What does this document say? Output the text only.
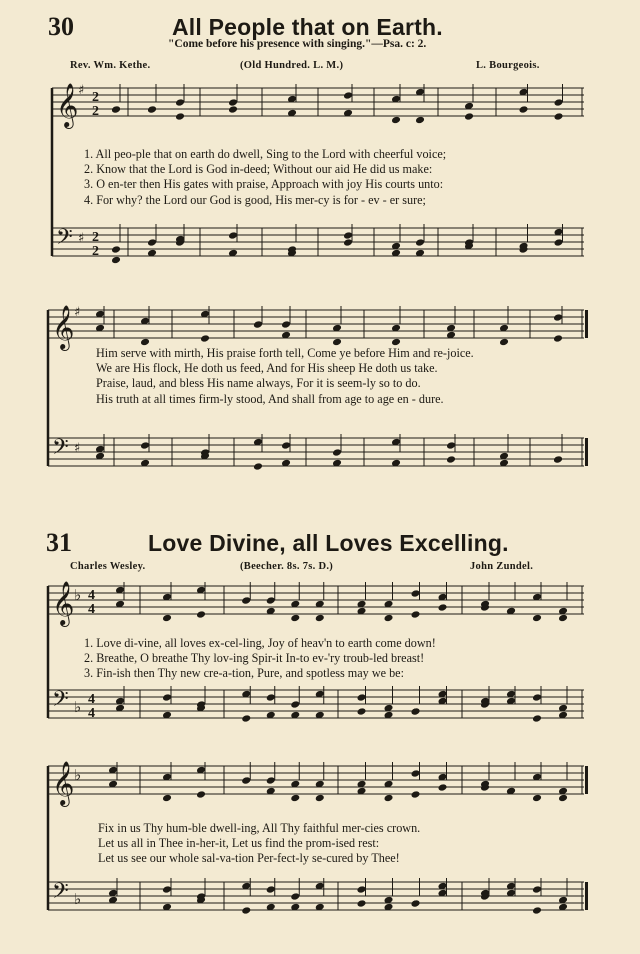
30	All People that on Earth.
"Come before his presence with singing."—Psa. c: 2.
Rev. Wm. Kethe.	(Old Hundred. L. M.)	L. Bourgeois.
𝄞 ♯ 2
2
𝄢 ♯ 2
2
1. All peo-ple that on earth do dwell, Sing to the Lord with cheerful voice;
2. Know that the Lord is God in-deed; Without our aid He did us make:
3. O en-ter then His gates with praise, Approach with joy His courts unto:
4. For why? the Lord our God is good, His mer-cy is for - ev - er sure;
𝄞 ♯
𝄢 ♯
Him serve with mirth, His praise forth tell, Come ye before Him and re-joice.
We are His flock, He doth us feed, And for His sheep He doth us take.
Praise, laud, and bless His name always, For it is seem-ly so to do.
His truth at all times firm-ly stood, And shall from age to age en - dure.
31	Love Divine, all Loves Excelling.
Charles Wesley.	(Beecher. 8s. 7s. D.)	John Zundel.
𝄞 ♭ 4
4
𝄢 ♭ 4
4
1. Love di-vine, all loves ex-cel-ling, Joy of heav'n to earth come down!
2. Breathe, O breathe Thy lov-ing Spir-it In-to ev-'ry troub-led breast!
3. Fin-ish then Thy new cre-a-tion, Pure, and spotless may we be:
𝄞 ♭
𝄢 ♭
Fix in us Thy hum-ble dwell-ing, All Thy faithful mer-cies crown.
Let us all in Thee in-her-it, Let us find the prom-ised rest:
Let us see our whole sal-va-tion Per-fect-ly se-cured by Thee!
